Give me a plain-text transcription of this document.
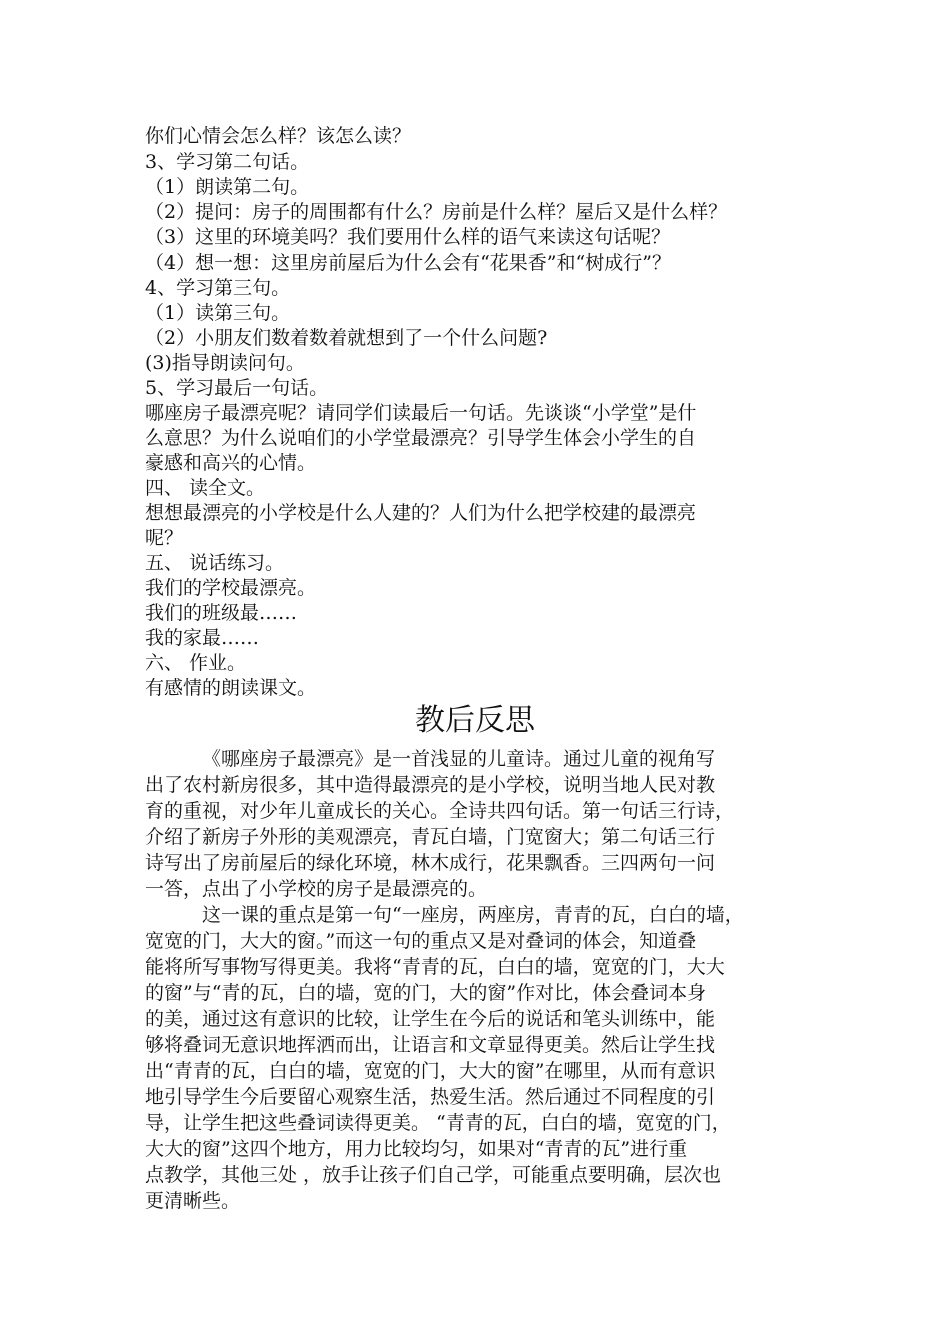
你们心情会怎么样？该怎么读？
3、学习第二句话。
（1）朗读第二句。
（2）提问：房子的周围都有什么？房前是什么样？屋后又是什么样？
（3）这里的环境美吗？我们要用什么样的语气来读这句话呢？
（4）想一想：这里房前屋后为什么会有“花果香”和“树成行”？
4、学习第三句。
（1）读第三句。
（2）小朋友们数着数着就想到了一个什么问题?
(3)指导朗读问句。
5、学习最后一句话。
哪座房子最漂亮呢？请同学们读最后一句话。先谈谈“小学堂”是什
么意思？为什么说咱们的小学堂最漂亮？引导学生体会小学生的自
豪感和高兴的心情。
四、 读全文。
想想最漂亮的小学校是什么人建的？人们为什么把学校建的最漂亮
呢？
五、 说话练习。
我们的学校最漂亮。
我们的班级最……
我的家最……
六、 作业。
有感情的朗读课文。
教后反思
《哪座房子最漂亮》是一首浅显的儿童诗。通过儿童的视角写
出了农村新房很多，其中造得最漂亮的是小学校，说明当地人民对教
育的重视，对少年儿童成长的关心。全诗共四句话。第一句话三行诗，
介绍了新房子外形的美观漂亮，青瓦白墙，门宽窗大；第二句话三行
诗写出了房前屋后的绿化环境，林木成行，花果飘香。三四两句一问
一答，点出了小学校的房子是最漂亮的。
这一课的重点是第一句“一座房，两座房，青青的瓦，白白的墙，
宽宽的门，大大的窗。”而这一句的重点又是对叠词的体会，知道叠
能将所写事物写得更美。我将“青青的瓦，白白的墙，宽宽的门，大大
的窗”与“青的瓦，白的墙，宽的门，大的窗”作对比，体会叠词本身
的美，通过这有意识的比较，让学生在今后的说话和笔头训练中，能
够将叠词无意识地挥洒而出，让语言和文章显得更美。然后让学生找
出“青青的瓦，白白的墙，宽宽的门，大大的窗”在哪里，从而有意识
地引导学生今后要留心观察生活，热爱生活。然后通过不同程度的引
导，让学生把这些叠词读得更美。 “青青的瓦，白白的墙，宽宽的门，
大大的窗”这四个地方，用力比较均匀，如果对“青青的瓦”进行重
点教学，其他三处 ，放手让孩子们自己学，可能重点要明确，层次也
更清晰些。
